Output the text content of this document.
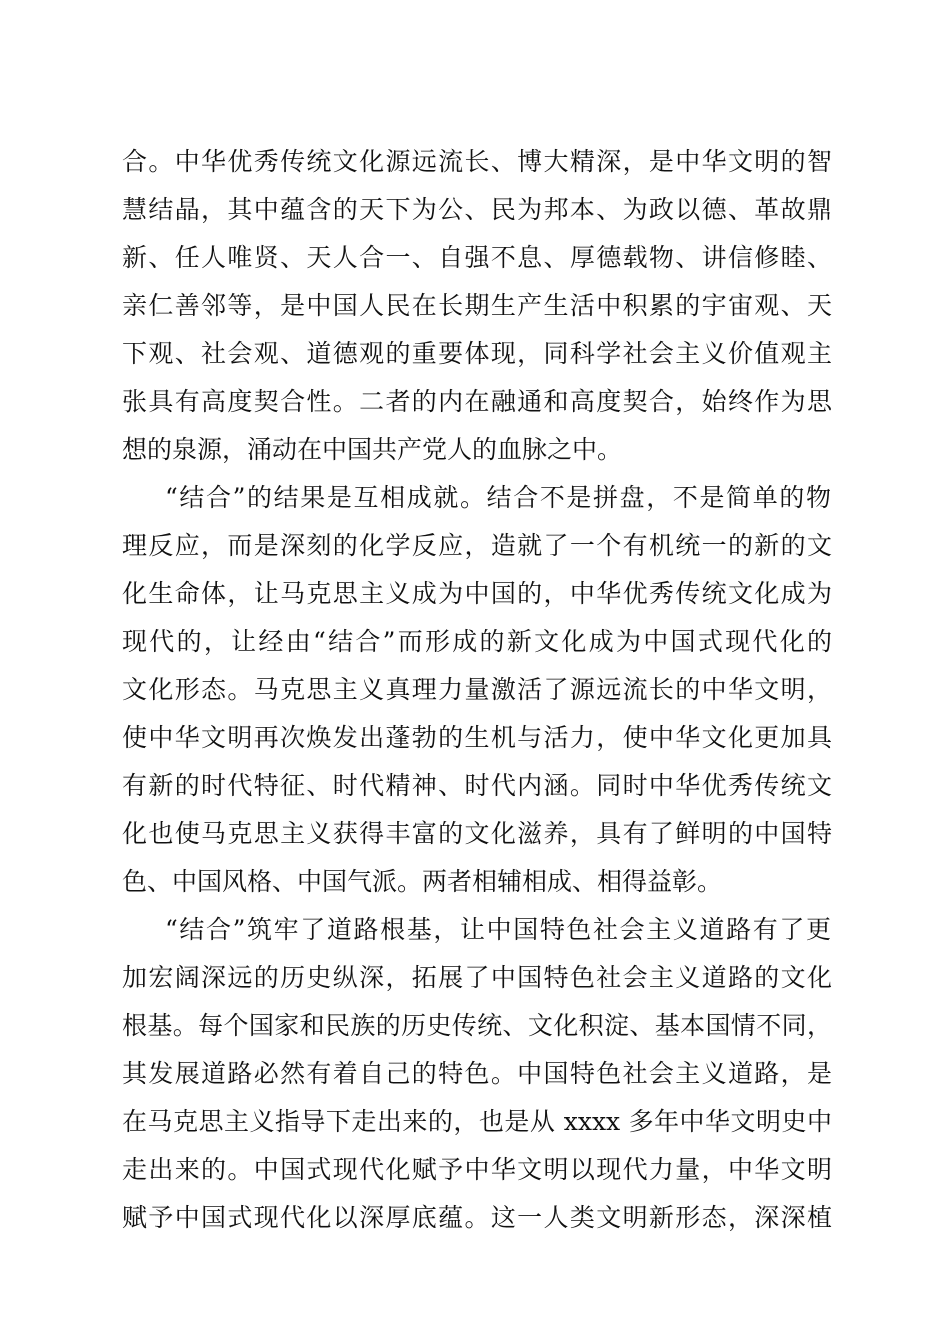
合。中华优秀传统文化源远流长、博大精深，是中华文明的智
慧结晶，其中蕴含的天下为公、民为邦本、为政以德、革故鼎
新、任人唯贤、天人合一、自强不息、厚德载物、讲信修睦、
亲仁善邻等，是中国人民在长期生产生活中积累的宇宙观、天
下观、社会观、道德观的重要体现，同科学社会主义价值观主
张具有高度契合性。二者的内在融通和高度契合，始终作为思
想的泉源，涌动在中国共产党人的血脉之中。
“结合”的结果是互相成就。结合不是拼盘，不是简单的物
理反应，而是深刻的化学反应，造就了一个有机统一的新的文
化生命体，让马克思主义成为中国的，中华优秀传统文化成为
现代的，让经由“结合”而形成的新文化成为中国式现代化的
文化形态。马克思主义真理力量激活了源远流长的中华文明，
使中华文明再次焕发出蓬勃的生机与活力，使中华文化更加具
有新的时代特征、时代精神、时代内涵。同时中华优秀传统文
化也使马克思主义获得丰富的文化滋养，具有了鲜明的中国特
色、中国风格、中国气派。两者相辅相成、相得益彰。
“结合”筑牢了道路根基，让中国特色社会主义道路有了更
加宏阔深远的历史纵深，拓展了中国特色社会主义道路的文化
根基。每个国家和民族的历史传统、文化积淀、基本国情不同，
其发展道路必然有着自己的特色。中国特色社会主义道路，是
在马克思主义指导下走出来的，也是从 xxxx 多年中华文明史中
走出来的。中国式现代化赋予中华文明以现代力量，中华文明
赋予中国式现代化以深厚底蕴。这一人类文明新形态，深深植
